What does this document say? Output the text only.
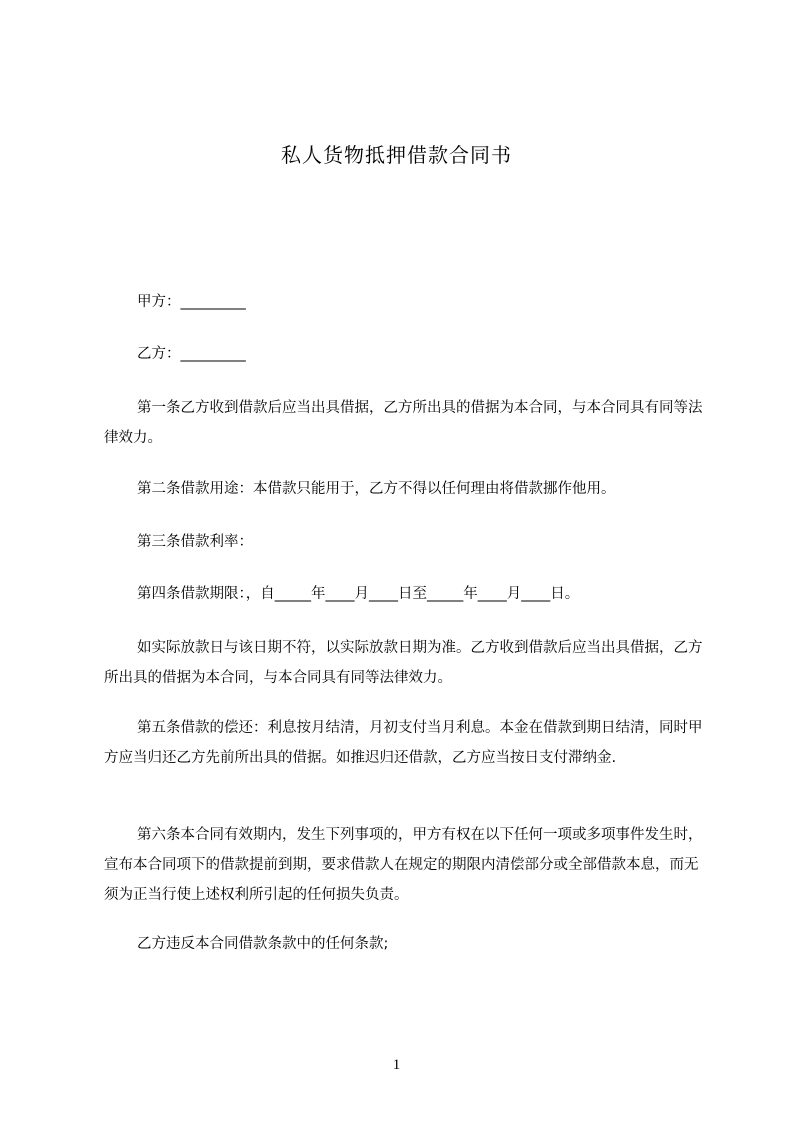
私人货物抵押借款合同书

甲方：_________

乙方：_________

第一条乙方收到借款后应当出具借据，乙方所出具的借据为本合同，与本合同具有同等法律效力。

第二条借款用途：本借款只能用于，乙方不得以任何理由将借款挪作他用。

第三条借款利率：

第四条借款期限：，自_____年____月____日至_____年____月____日。

如实际放款日与该日期不符，以实际放款日期为准。乙方收到借款后应当出具借据，乙方所出具的借据为本合同，与本合同具有同等法律效力。

第五条借款的偿还：利息按月结清，月初支付当月利息。本金在借款到期日结清，同时甲方应当归还乙方先前所出具的借据。如推迟归还借款，乙方应当按日支付滞纳金.

第六条本合同有效期内，发生下列事项的，甲方有权在以下任何一项或多项事件发生时，宣布本合同项下的借款提前到期，要求借款人在规定的期限内清偿部分或全部借款本息，而无须为正当行使上述权利所引起的任何损失负责。

乙方违反本合同借款条款中的任何条款;

1
